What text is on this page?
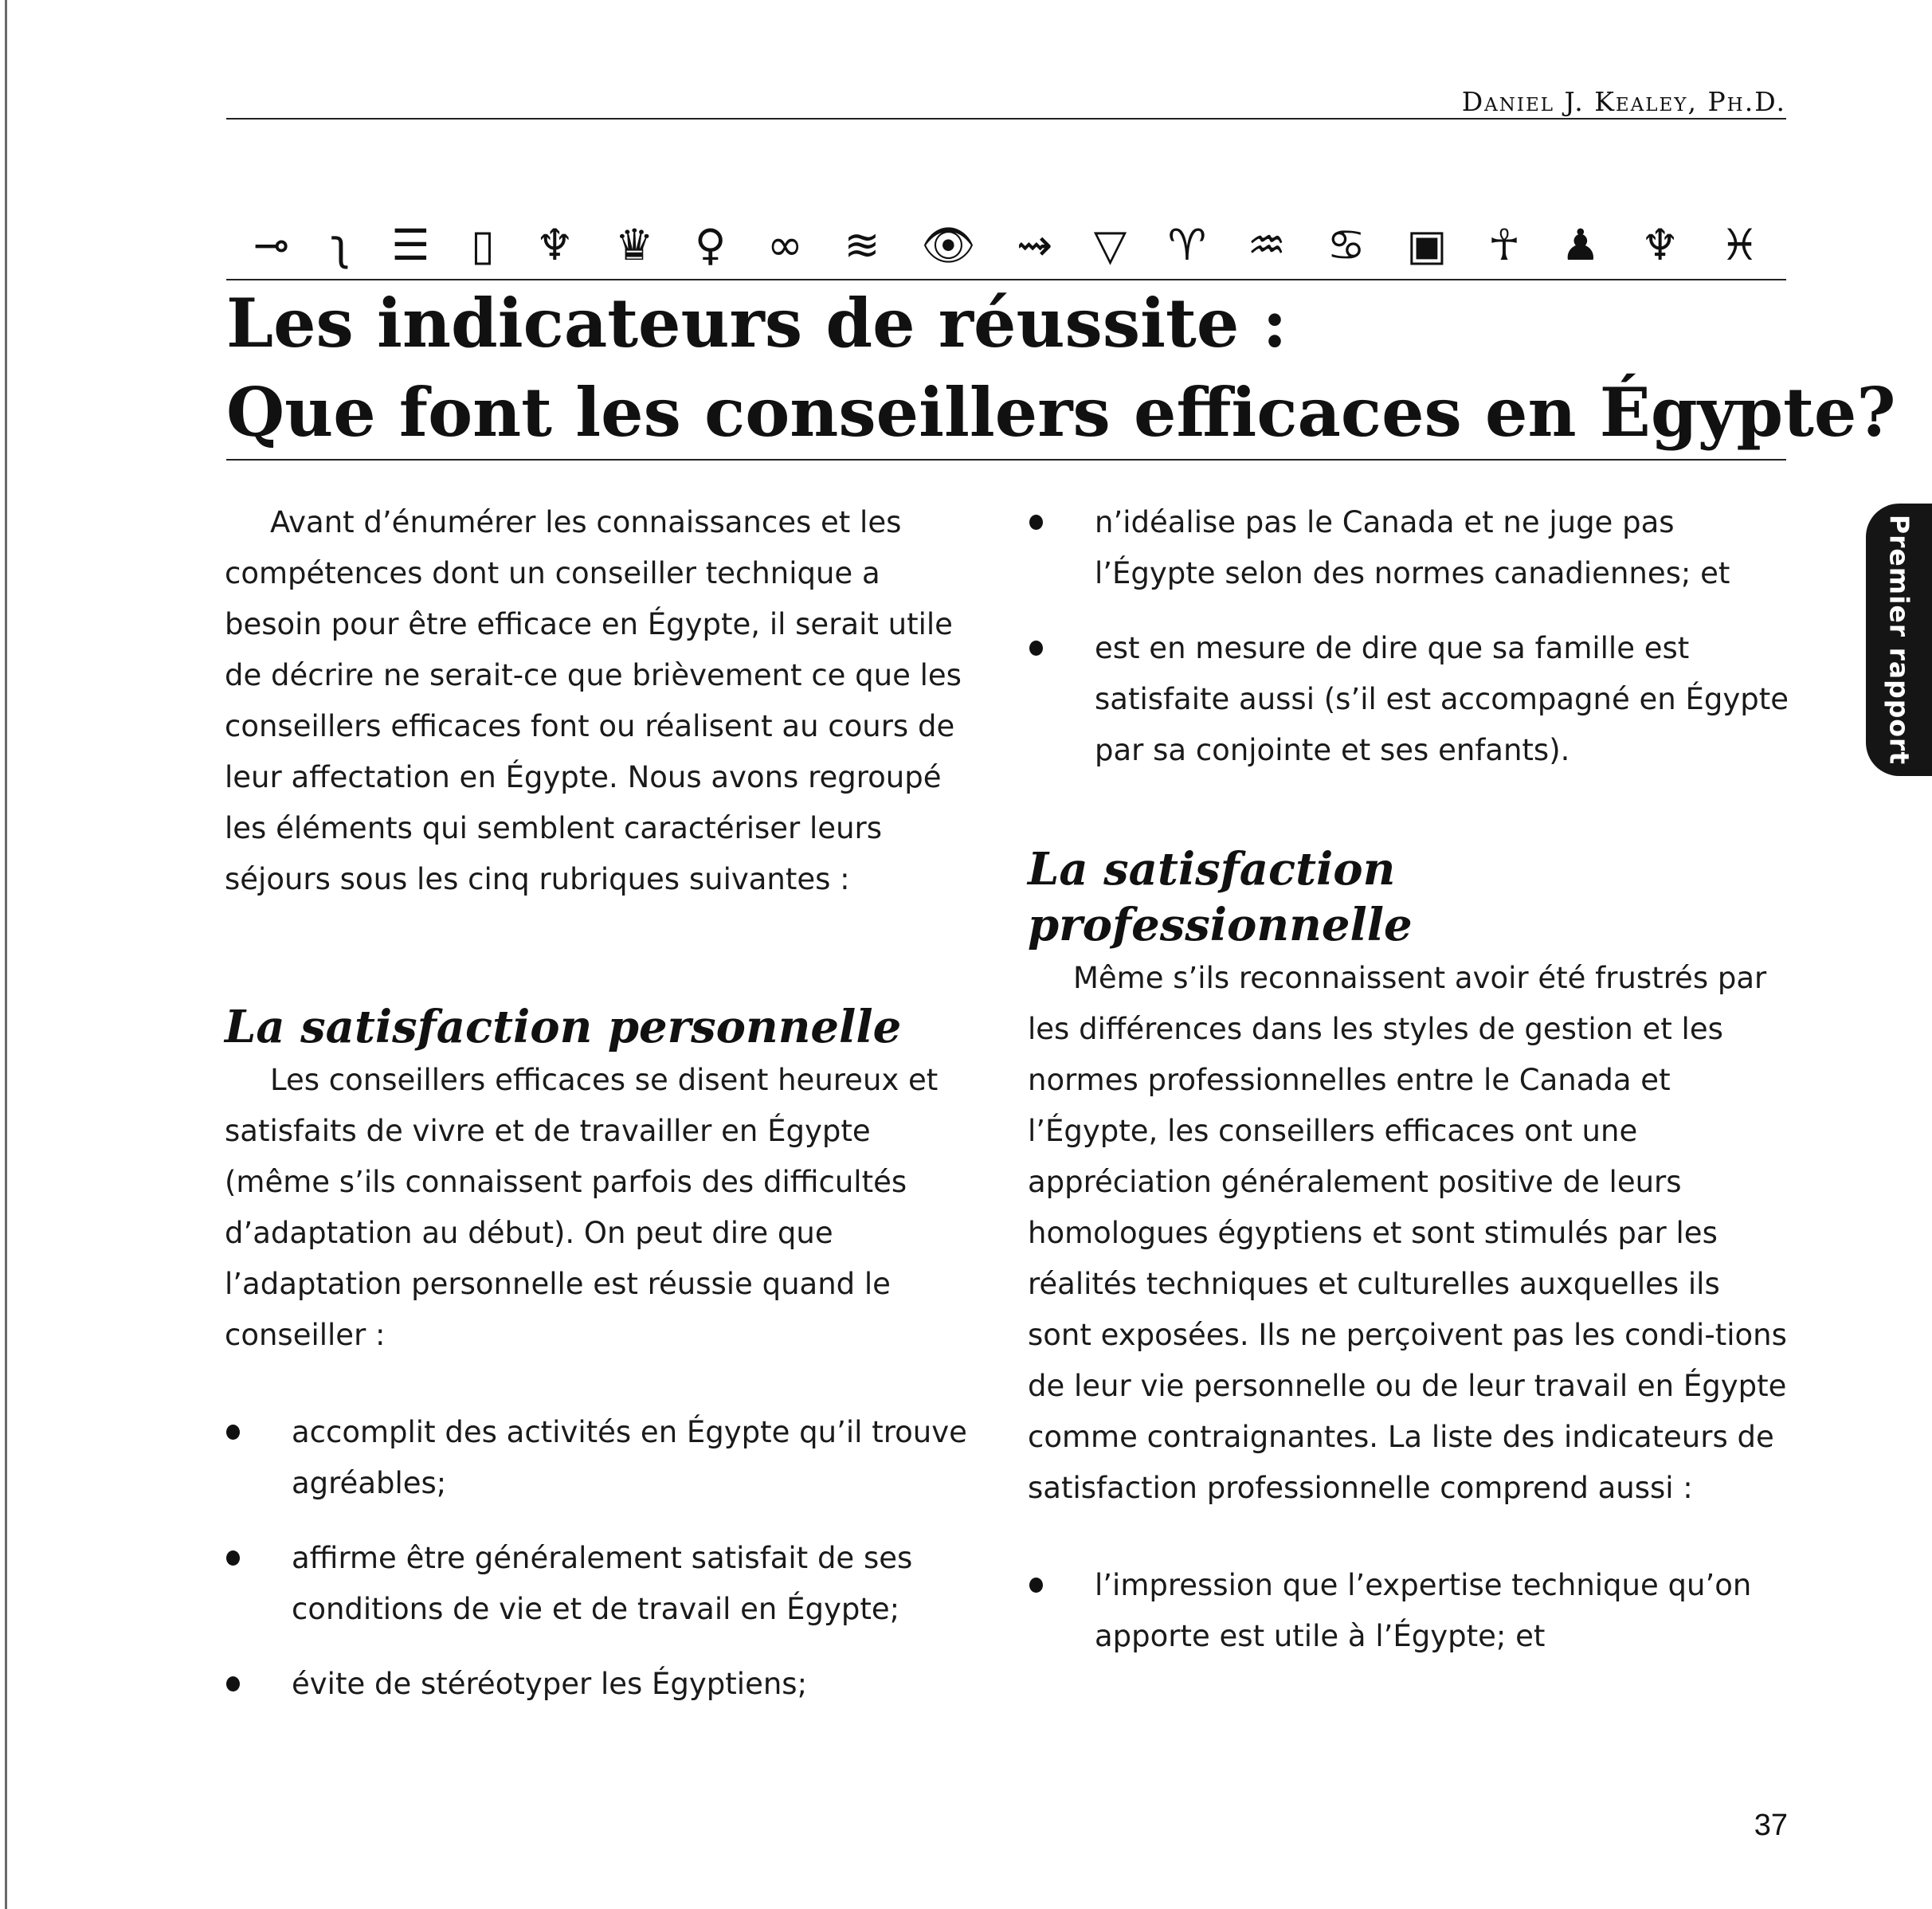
Daniel J. Kealey, Ph.D.
⊸ ʅ ☰ ▯ ♆ ♛ ♀ ∞ ≋ 👁 ⇝ ▽ ♈ ♒ ♋ ▣ ☥ ♟ ♆ ♓
Les indicateurs de réussite :
Que font les conseillers efficaces en Égypte?

Avant d’énumérer les connaissances et les compétences dont un conseiller technique a besoin pour être efficace en Égypte, il serait utile de décrire ne serait-ce que brièvement ce que les conseillers efficaces font ou réalisent au cours de leur affectation en Égypte. Nous avons regroupé les éléments qui semblent caractériser leurs séjours sous les cinq rubriques suivantes :

La satisfaction personnelle

Les conseillers efficaces se disent heureux et satisfaits de vivre et de travailler en Égypte (même s’ils connaissent parfois des difficultés d’adaptation au début). On peut dire que l’adaptation personnelle est réussie quand le conseiller :

accomplit des activités en Égypte qu’il trouve agréables;
affirme être généralement satisfait de ses conditions de vie et de travail en Égypte;
évite de stéréotyper les Égyptiens;
n’idéalise pas le Canada et ne juge pas l’Égypte selon des normes canadiennes; et
est en mesure de dire que sa famille est satisfaite aussi (s’il est accompagné en Égypte par sa conjointe et ses enfants).
La satisfaction professionnelle

Même s’ils reconnaissent avoir été frustrés par les différences dans les styles de gestion et les normes professionnelles entre le Canada et l’Égypte, les conseillers efficaces ont une appréciation généralement positive de leurs homologues égyptiens et sont stimulés par les réalités techniques et culturelles auxquelles ils sont exposées. Ils ne perçoivent pas les condi-tions de leur vie personnelle ou de leur travail en Égypte comme contraignantes. La liste des indicateurs de satisfaction professionnelle comprend aussi :

l’impression que l’expertise technique qu’on apporte est utile à l’Égypte; et
Premier rapport
37
